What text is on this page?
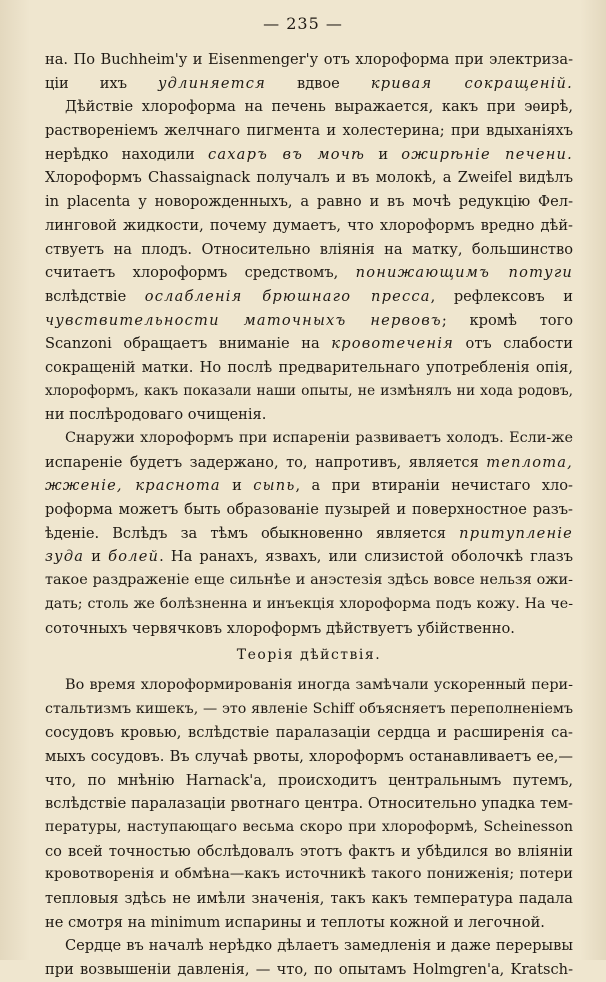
— 235 —
на. По Buchheim'у и Eisenmenger'у отъ хлороформа при электриза-
ціи ихъ удлиняется вдвое кривая сокращеній.
Дѣйствіе хлороформа на печень выражается, какъ при эѳирѣ,
растворенiемъ желчнаго пигмента и холестерина; при вдыханiяхъ
нерѣдко находили сахаръ въ мочѣ и ожирѣніе печени.
Хлороформъ Chassaignack получалъ и въ молокѣ, а Zweifel видѣлъ
in placenta у новорожденныхъ, а равно и въ мочѣ редукцію Фел-
линговой жидкости, почему думаетъ, что хлороформъ вредно дѣй-
ствуетъ на плодъ. Относительно вліянія на матку, большинство
считаетъ хлороформъ средствомъ, понижающимъ потуги
вслѣдствіе ослабленія брюшнаго пресса, рефлексовъ и
чувствительности маточныхъ нервовъ; кромѣ того
Scanzoni обращаетъ вниманіе на кровотеченія отъ слабости
сокращеній матки. Но послѣ предварительнаго употребленія опія,
хлороформъ, какъ показали наши опыты, не измѣнялъ ни хода родовъ,
ни послѣродоваго очищенія.
Снаружи хлороформъ при испареніи развиваетъ холодъ. Если-же
испареніе будетъ задержано, то, напротивъ, является теплота,
жженіе, краснота и сыпь, а при втираніи нечистаго хло-
роформа можетъ быть образованіе пузырей и поверхностное разъ-
ѣденіе. Вслѣдъ за тѣмъ обыкновенно является притупленіе
зуда и болей. На ранахъ, язвахъ, или слизистой оболочкѣ глазъ
такое раздраженіе еще сильнѣе и анэстезія здѣсь вовсе нельзя ожи-
дать; столь же болѣзненна и инъекція хлороформа подъ кожу. На че-
соточныхъ червячковъ хлороформъ дѣйствуетъ убійственно.
Теорія дѣйствія.
Во время хлороформированія иногда замѣчали ускоренный пери-
стальтизмъ кишекъ, — это явленіе Schiff объясняетъ переполненіемъ
сосудовъ кровью, вслѣдствіе паралазаціи сердца и расширенія са-
мыхъ сосудовъ. Въ случаѣ рвоты, хлороформъ останавливаетъ ее,—
что, по мнѣнію Harnack'а, происходитъ центральнымъ путемъ,
вслѣдствіе паралазаціи рвотнаго центра. Относительно упадка тем-
пературы, наступающаго весьма скоро при хлороформѣ, Scheinesson
со всей точностью обслѣдовалъ этотъ фактъ и убѣдился во вліяніи
кровотворенія и обмѣна—какъ источникѣ такого пониженія; потери
тепловыя здѣсь не имѣли значенія, такъ какъ температура падала
не смотря на minimum испарины и теплоты кожной и легочной.
Сердце въ началѣ нерѣдко дѣлаетъ замедленія и даже перерывы
при возвышеніи давленія, — что, по опытамъ Holmgren'а, Kratsch-
